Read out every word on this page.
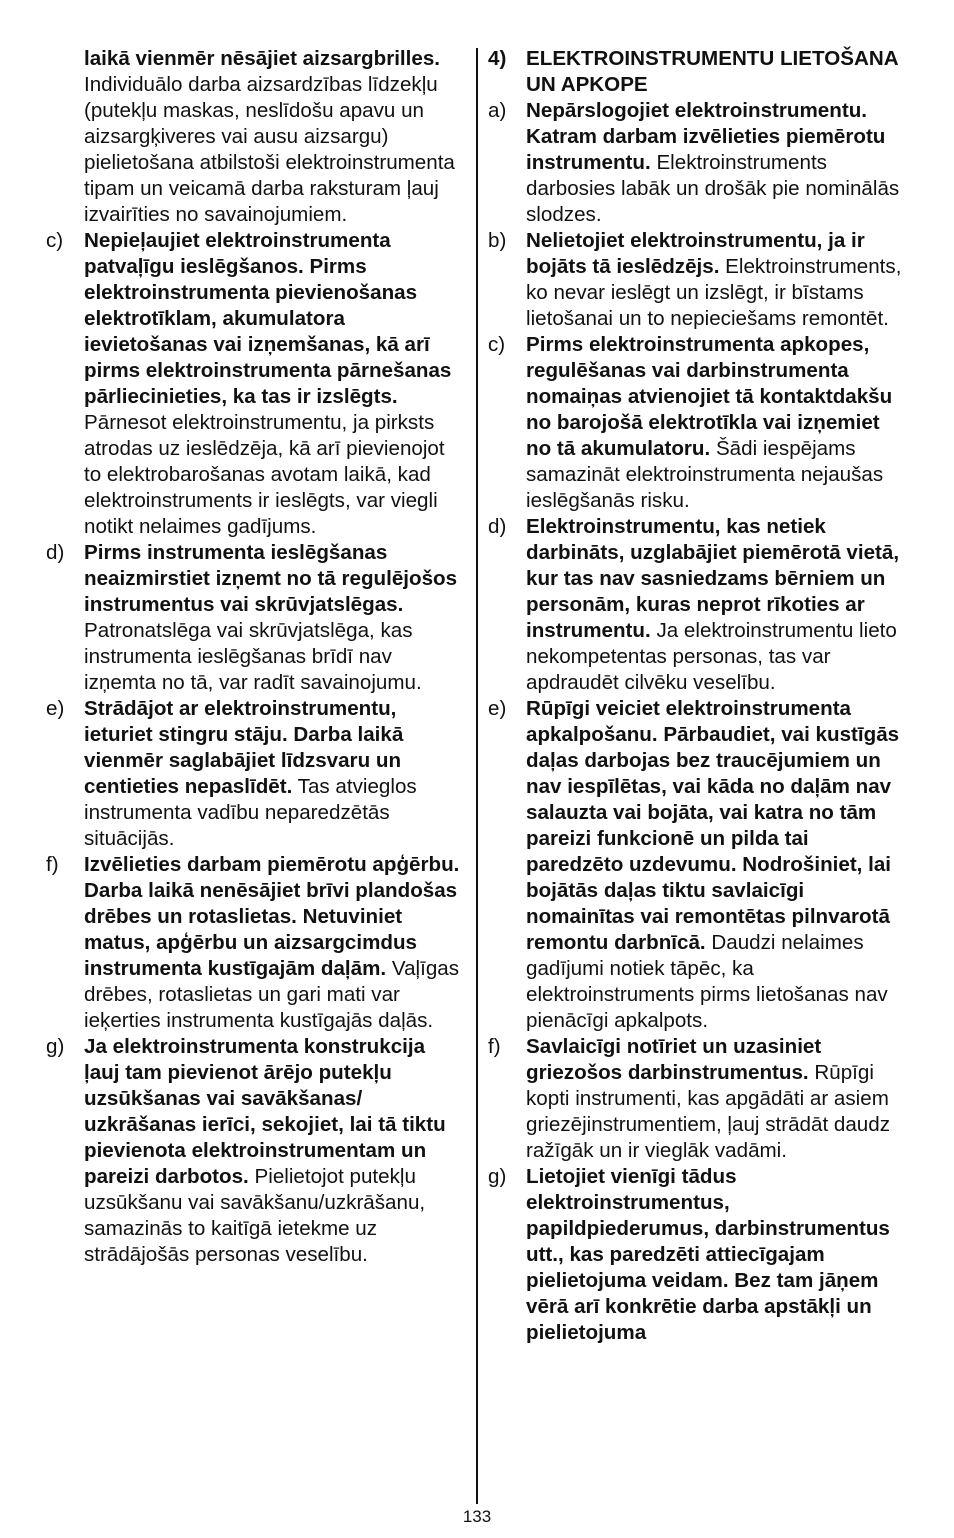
laikā vienmēr nēsājiet aizsargbrilles. Individuālo darba aizsardzības līdzekļu (putekļu maskas, neslīdošu apavu un aizsargķiveres vai ausu aizsargu) pielietošana atbilstoši elektroinstrumenta tipam un veicamā darba raksturam ļauj izvairīties no savainojumiem.
c)	Nepieļaujiet elektroinstrumenta patvaļīgu ieslēgšanos. Pirms elektroinstrumenta pievienošanas elektrotīklam, akumulatora ievietošanas vai izņemšanas, kā arī pirms elektroinstrumenta pārnešanas pārliecinieties, ka tas ir izslēgts. Pārnesot elektroinstrumentu, ja pirksts atrodas uz ieslēdzēja, kā arī pievienojot to elektrobarošanas avotam laikā, kad elektroinstruments ir ieslēgts, var viegli notikt nelaimes gadījums.
d) Pirms instrumenta ieslēgšanas neaizmirstiet izņemt no tā regulējošos instrumentus vai skrūvjatslēgas. Patronatslēga vai skrūvjatslēga, kas instrumenta ieslēgšanas brīdī nav izņemta no tā, var radīt savainojumu.
e) Strādājot ar elektroinstrumentu, ieturiet stingru stāju. Darba laikā vienmēr saglabājiet līdzsvaru un centieties nepaslīdēt. Tas atvieglos instrumenta vadību neparedzētās situācijās.
f)	Izvēlieties darbam piemērotu apģērbu. Darba laikā nenēsājiet brīvi plandošas drēbes un rotaslietas. Netuviniet matus, apģērbu un aizsargcimdus instrumenta kustīgajām daļām. Vaļīgas drēbes, rotaslietas un gari mati var ieķerties instrumenta kustīgajās daļās.
g) Ja elektroinstrumenta konstrukcija ļauj tam pievienot ārējo putekļu uzsūkšanas vai savākšanas/ uzkrāšanas ierīci, sekojiet, lai tā tiktu pievienota elektroinstrumentam un pareizi darbotos. Pielietojot putekļu uzsūkšanu vai savākšanu/uzkrāšanu, samazinās to kaitīgā ietekme uz strādājošās personas veselību.
4) ELEKTROINSTRUMENTU LIETOŠANA UN APKOPE
a) Nepārslogojiet elektroinstrumentu. Katram darbam izvēlieties piemērotu instrumentu. Elektroinstruments darbosies labāk un drošāk pie nominālās slodzes.
b) Nelietojiet elektroinstrumentu, ja ir bojāts tā ieslēdzējs. Elektroinstruments, ko nevar ieslēgt un izslēgt, ir bīstams lietošanai un to nepieciešams remontēt.
c)	Pirms elektroinstrumenta apkopes, regulēšanas vai darbinstrumenta nomaiņas atvienojiet tā kontaktdakšu no barojošā elektrotīkla vai izņemiet no tā akumulatoru. Šādi iespējams samazināt elektroinstrumenta nejaušas ieslēgšanās risku.
d) Elektroinstrumentu, kas netiek darbināts, uzglabājiet piemērotā vietā, kur tas nav sasniedzams bērniem un personām, kuras neprot rīkoties ar instrumentu. Ja elektroinstrumentu lieto nekompetentas personas, tas var apdraudēt cilvēku veselību.
e) Rūpīgi veiciet elektroinstrumenta apkalpošanu. Pārbaudiet, vai kustīgās daļas darbojas bez traucējumiem un nav iespīlētas, vai kāda no daļām nav salauzta vai bojāta, vai katra no tām pareizi funkcionē un pilda tai paredzēto uzdevumu. Nodrošiniet, lai bojātās daļas tiktu savlaicīgi nomainītas vai remontētas pilnvarotā remontu darbnīcā. Daudzi nelaimes gadījumi notiek tāpēc, ka elektroinstruments pirms lietošanas nav pienācīgi apkalpots.
f)	Savlaicīgi notīriet un uzasiniet griezošos darbinstrumentus. Rūpīgi kopti instrumenti, kas apgādāti ar asiem griezējinstrumentiem, ļauj strādāt daudz ražīgāk un ir vieglāk vadāmi.
g) Lietojiet vienīgi tādus elektroinstrumentus, papildpiederumus, darbinstrumentus utt., kas paredzēti attiecīgajam pielietojuma veidam. Bez tam jāņem vērā arī konkrētie darba apstākļi un pielietojuma
133
